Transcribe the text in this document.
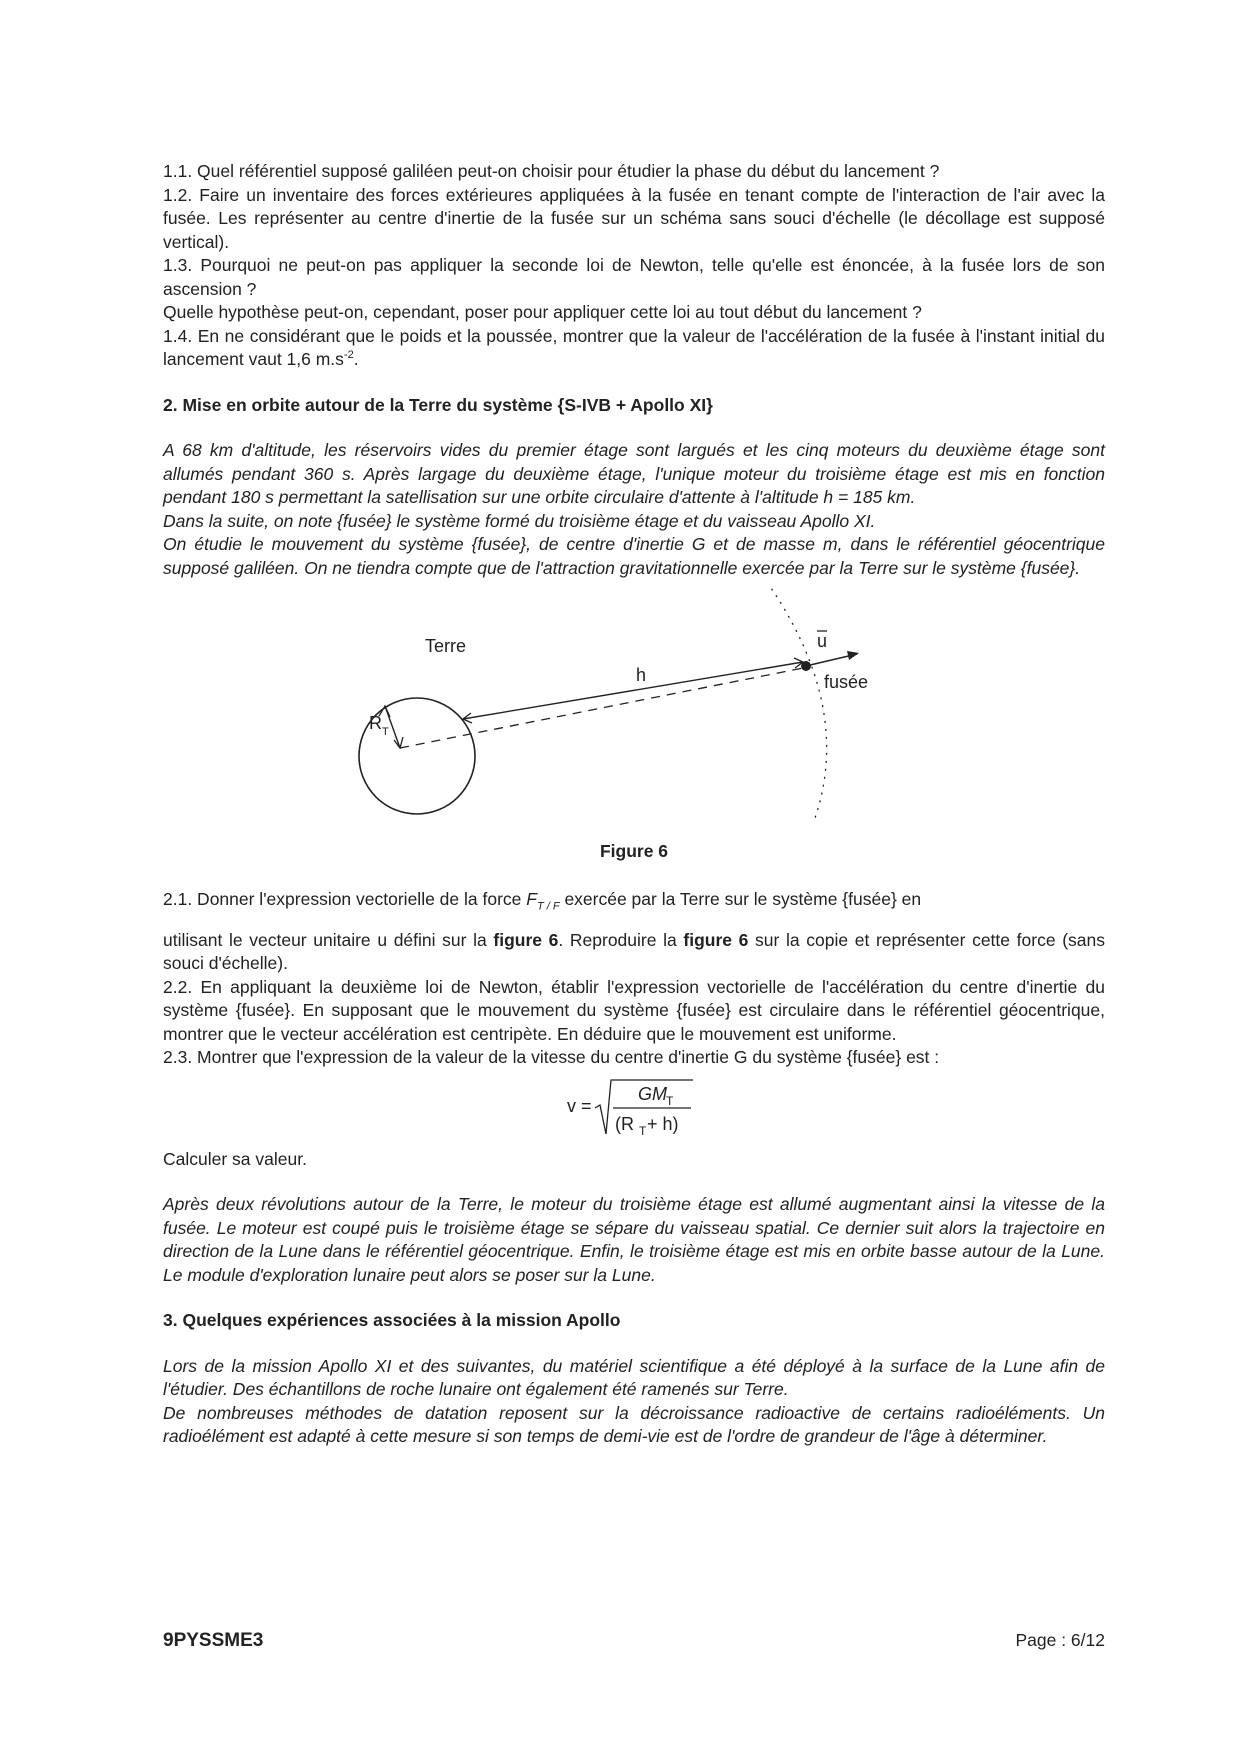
1.1. Quel référentiel supposé galiléen peut-on choisir pour étudier la phase du début du lancement ?

1.2. Faire un inventaire des forces extérieures appliquées à la fusée en tenant compte de l'interaction de l'air avec la fusée. Les représenter au centre d'inertie de la fusée sur un schéma sans souci d'échelle (le décollage est supposé vertical).

1.3. Pourquoi ne peut-on pas appliquer la seconde loi de Newton, telle qu'elle est énoncée, à la fusée lors de son ascension ?

Quelle hypothèse peut-on, cependant, poser pour appliquer cette loi au tout début du lancement ?

1.4. En ne considérant que le poids et la poussée, montrer que la valeur de l'accélération de la fusée à l'instant initial du lancement vaut 1,6 $m.s^{-2}$.

2. Mise en orbite autour de la Terre du système {S-IVB + Apollo XI}

A 68 km d'altitude, les réservoirs vides du premier étage sont largués et les cinq moteurs du deuxième étage sont allumés pendant 360 s. Après largage du deuxième étage, l'unique moteur du troisième étage est mis en fonction pendant 180 s permettant la satellisation sur une orbite circulaire d'attente à l'altitude h = 185 km.

Dans la suite, on note {fusée} le système formé du troisième étage et du vaisseau Apollo XI.

On étudie le mouvement du système {fusée}, de centre d'inertie G et de masse m, dans le référentiel géocentrique supposé galiléen. On ne tiendra compte que de l'attraction gravitationnelle exercée par la Terre sur le système {fusée}.

Terre
R T
h
u
fusée

Figure 6

2.1. Donner l'expression vectorielle de la force $F_{T / F}$ exercée par la Terre sur le système {fusée} en

utilisant le vecteur unitaire u défini sur la figure 6. Reproduire la figure 6 sur la copie et représenter cette force (sans souci d'échelle).

2.2. En appliquant la deuxième loi de Newton, établir l'expression vectorielle de l'accélération du centre d'inertie du système {fusée}. En supposant que le mouvement du système {fusée} est circulaire dans le référentiel géocentrique, montrer que le vecteur accélération est centripète. En déduire que le mouvement est uniforme.

2.3. Montrer que l'expression de la valeur de la vitesse du centre d'inertie G du système {fusée} est :

v =
GM T
(R T + h)

Calculer sa valeur.

Après deux révolutions autour de la Terre, le moteur du troisième étage est allumé augmentant ainsi la vitesse de la fusée. Le moteur est coupé puis le troisième étage se sépare du vaisseau spatial. Ce dernier suit alors la trajectoire en direction de la Lune dans le référentiel géocentrique. Enfin, le troisième étage est mis en orbite basse autour de la Lune. Le module d'exploration lunaire peut alors se poser sur la Lune.

3. Quelques expériences associées à la mission Apollo

Lors de la mission Apollo XI et des suivantes, du matériel scientifique a été déployé à la surface de la Lune afin de l'étudier. Des échantillons de roche lunaire ont également été ramenés sur Terre.

De nombreuses méthodes de datation reposent sur la décroissance radioactive de certains radioéléments. Un radioélément est adapté à cette mesure si son temps de demi-vie est de l'ordre de grandeur de l'âge à déterminer.

9PYSSME3	Page : 6/12
